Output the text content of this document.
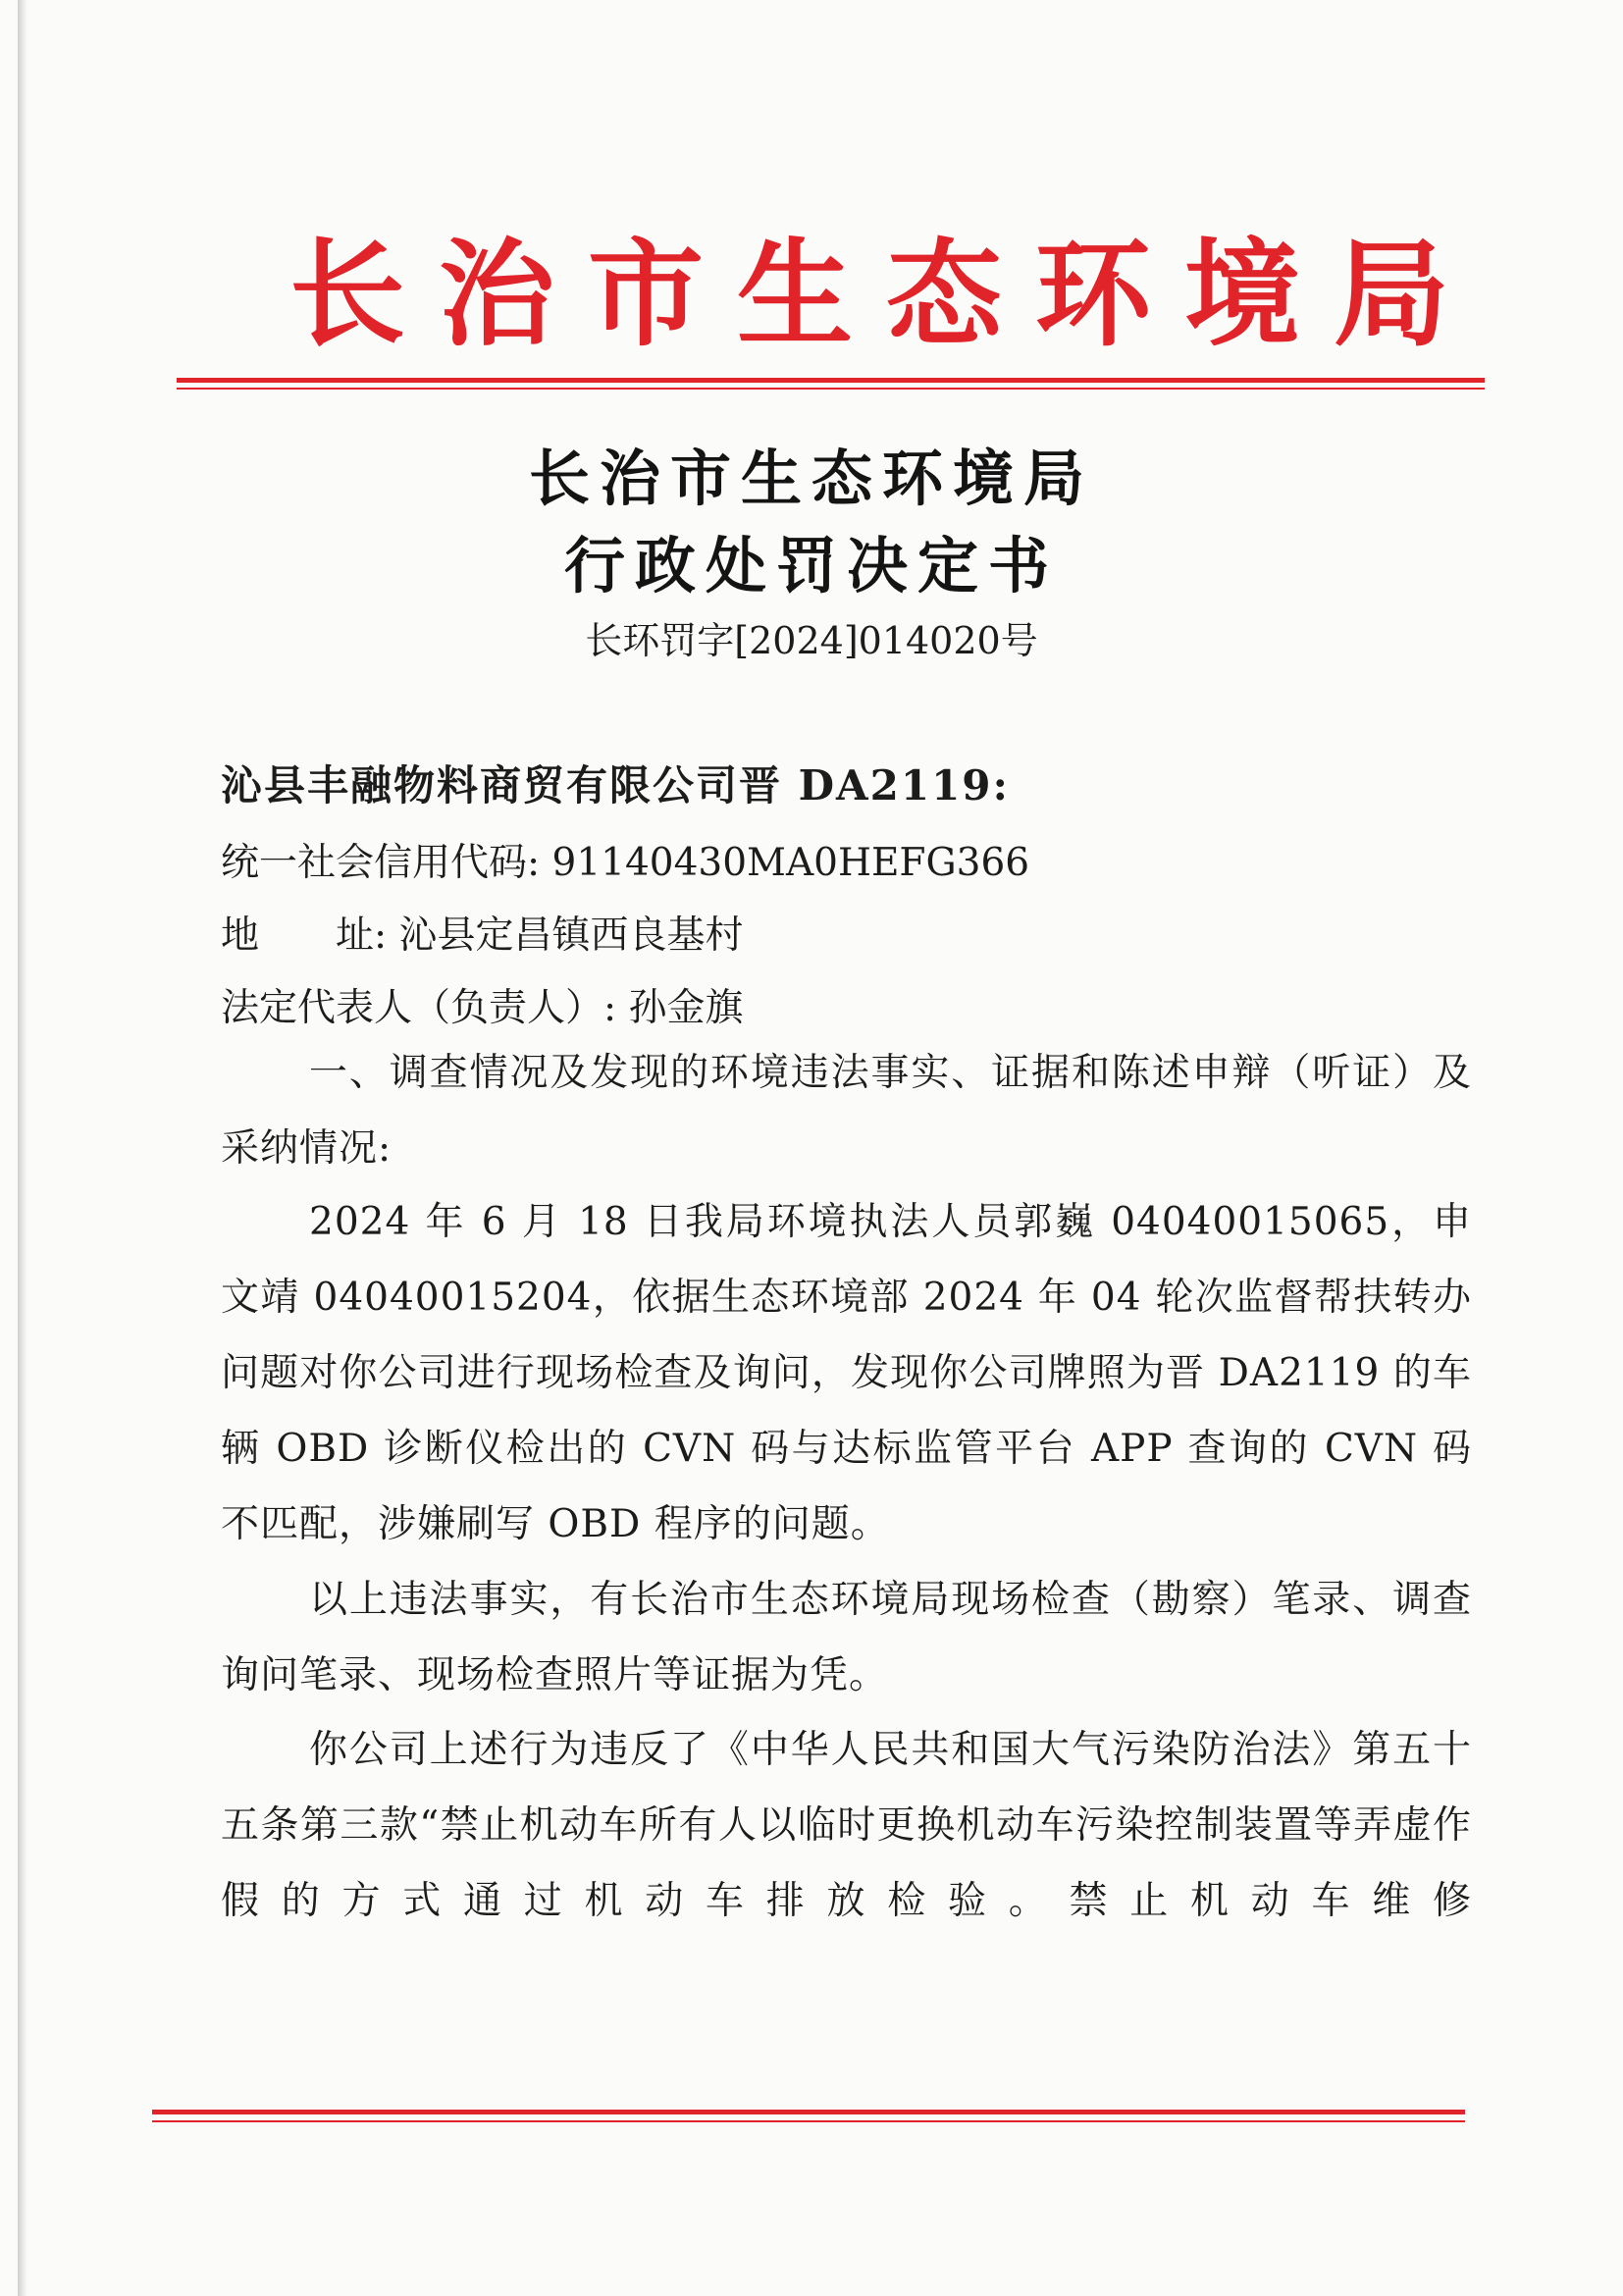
长治市生态环境局
长治市生态环境局
行政处罚决定书
长环罚字[2024]014020号
沁县丰融物料商贸有限公司晋 DA2119:
统一社会信用代码: 91140430MA0HEFG366
地　　址: 沁县定昌镇西良基村
法定代表人（负责人）: 孙金旗
一、调查情况及发现的环境违法事实、证据和陈述申辩（听证）及采纳情况:
2024 年 6 月 18 日我局环境执法人员郭巍 04040015065，申文靖 04040015204，依据生态环境部 2024 年 04 轮次监督帮扶转办问题对你公司进行现场检查及询问，发现你公司牌照为晋 DA2119 的车辆 OBD 诊断仪检出的 CVN 码与达标监管平台 APP 查询的 CVN 码不匹配，涉嫌刷写 OBD 程序的问题。
以上违法事实，有长治市生态环境局现场检查（勘察）笔录、调查询问笔录、现场检查照片等证据为凭。
你公司上述行为违反了《中华人民共和国大气污染防治法》第五十五条第三款“禁止机动车所有人以临时更换机动车污染控制装置等弄虚作假的方式通过机动车排放检验。禁止机动车维修
